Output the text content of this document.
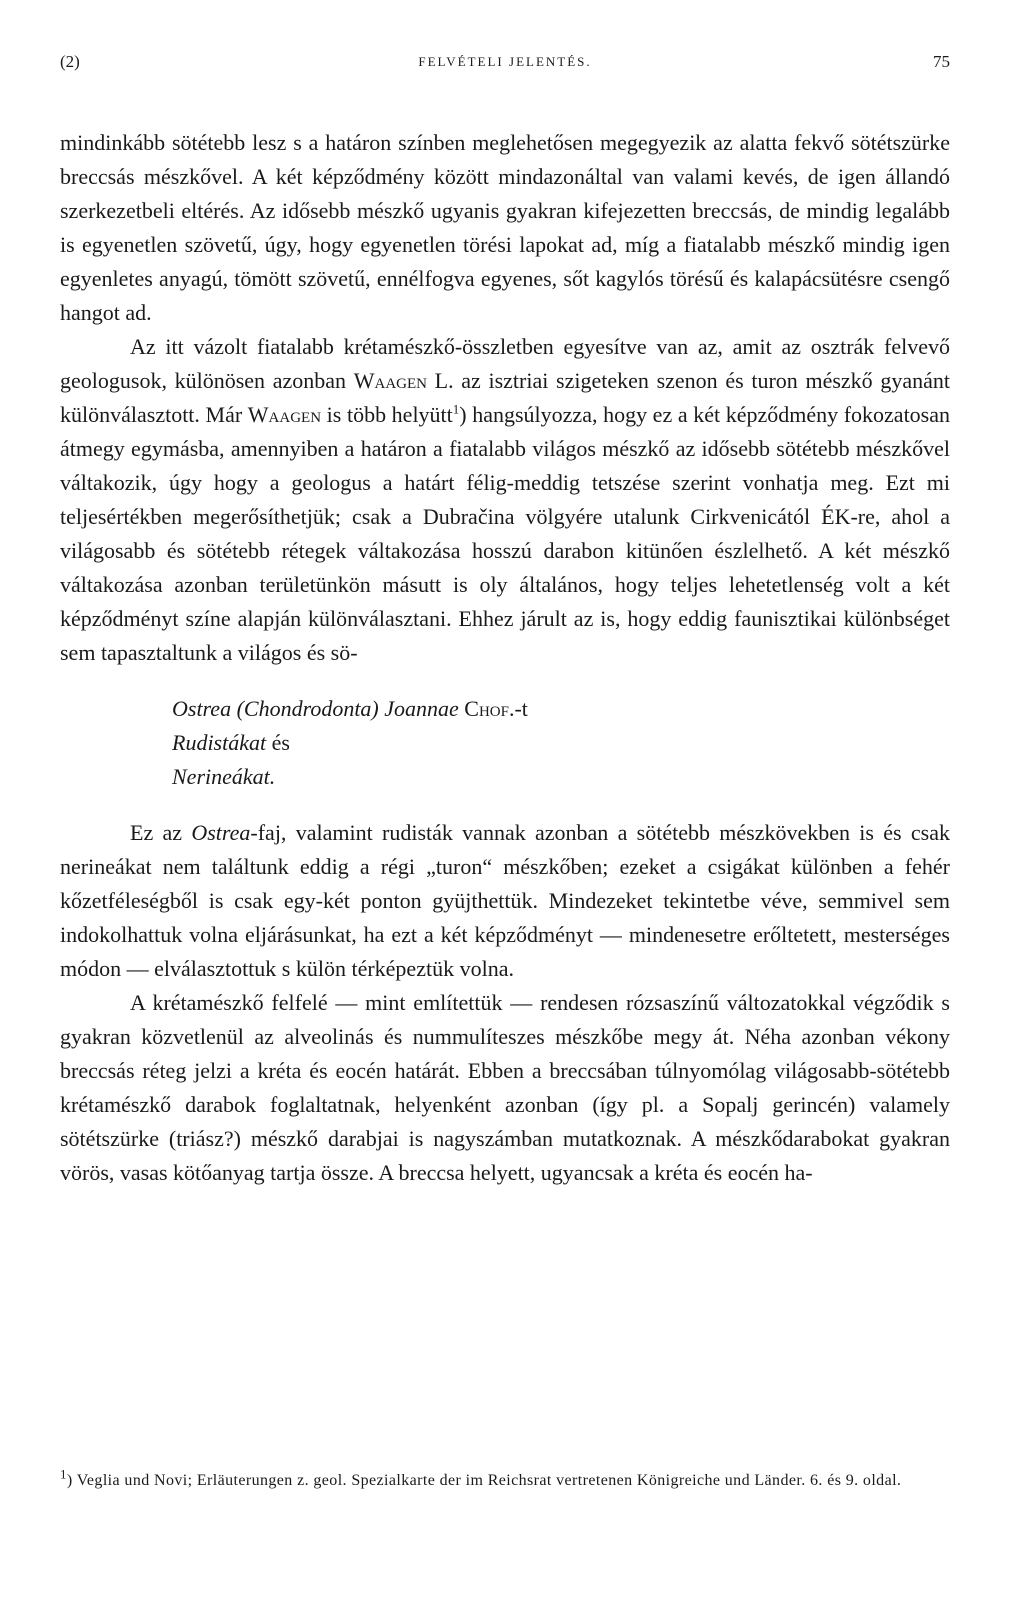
(2)	FELVÉTELI JELENTÉS.	75

mindinkább sötétebb lesz s a határon színben meglehetősen megegyezik az alatta fekvő sötétszürke breccsás mészkővel. A két képződmény között mindazonáltal van valami kevés, de igen állandó szerkezetbeli eltérés. Az idősebb mészkő ugyanis gyakran kifejezetten breccsás, de mindig legalább is egyenetlen szövetű, úgy, hogy egyenetlen törési lapokat ad, míg a fiatalabb mészkő mindig igen egyenletes anyagú, tömött szövetű, ennélfogva egyenes, sőt kagylós törésű és kalapácsütésre csengő hangot ad.

Az itt vázolt fiatalabb krétamészkő-összletben egyesítve van az, amit az osztrák felvevő geologusok, különösen azonban Waagen L. az isztriai szigeteken szenon és turon mészkő gyanánt különválasztott. Már Waagen is több helyütt$^1$) hangsúlyozza, hogy ez a két képződmény fokozatosan átmegy egymásba, amennyiben a határon a fiatalabb világos mészkő az idősebb sötétebb mészkővel váltakozik, úgy hogy a geologus a határt félig-meddig tetszése szerint vonhatja meg. Ezt mi teljesértékben megerősíthetjük; csak a Dubračina völgyére utalunk Cirkvenicától ÉK-re, ahol a világosabb és sötétebb rétegek váltakozása hosszú darabon kitünően észlelhető. A két mészkő váltakozása azonban területünkön másutt is oly általános, hogy teljes lehetetlenség volt a két képződményt színe alapján különválasztani. Ehhez járult az is, hogy eddig faunisztikai különbséget sem tapasztaltunk a világos és sö-

Ostrea (Chondrodonta) Joannae Chof.-t
Rudistákat és
Nerineákat.

Ez az Ostrea-faj, valamint rudisták vannak azonban a sötétebb mészkövekben is és csak nerineákat nem találtunk eddig a régi „turon“ mészkőben; ezeket a csigákat különben a fehér kőzetféleségből is csak egy-két ponton gyüjthettük. Mindezeket tekintetbe véve, semmivel sem indokolhattuk volna eljárásunkat, ha ezt a két képződményt — mindenesetre erőltetett, mesterséges módon — elválasztottuk s külön térképeztük volna.

A krétamészkő felfelé — mint említettük — rendesen rózsaszínű változatokkal végződik s gyakran közvetlenül az alveolinás és nummulíteszes mészkőbe megy át. Néha azonban vékony breccsás réteg jelzi a kréta és eocén határát. Ebben a breccsában túlnyomólag világosabb-sötétebb krétamészkő darabok foglaltatnak, helyenként azonban (így pl. a Sopalj gerincén) valamely sötétszürke (triász?) mészkő darabjai is nagyszámban mutatkoznak. A mészkődarabokat gyakran vörös, vasas kötőanyag tartja össze. A breccsa helyett, ugyancsak a kréta és eocén ha-

$^1$) Veglia und Novi; Erläuterungen z. geol. Spezialkarte der im Reichsrat vertretenen Königreiche und Länder. 6. és 9. oldal.
